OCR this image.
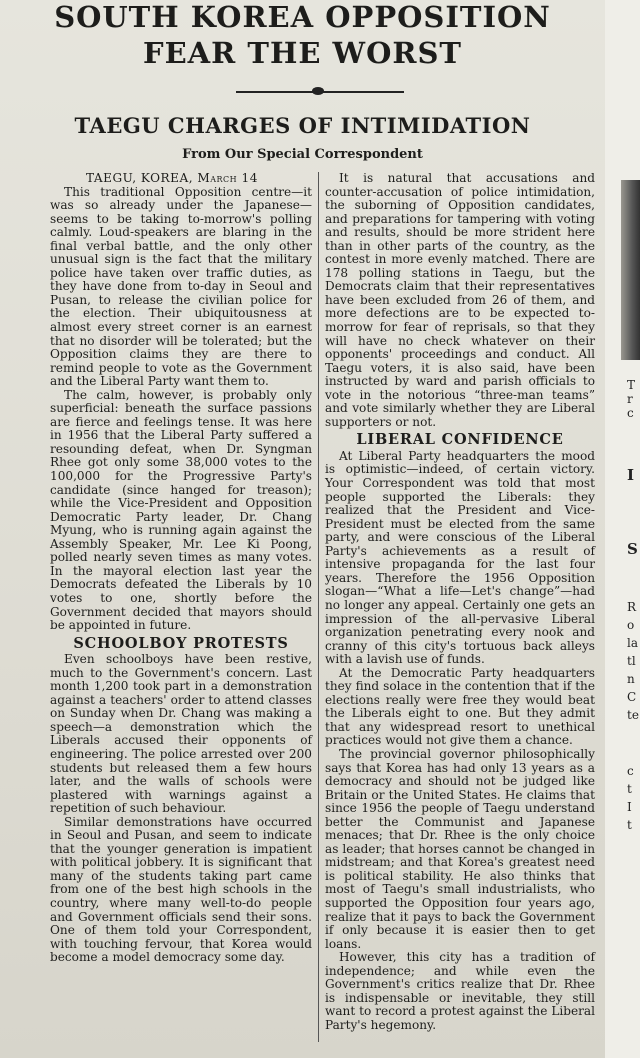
SOUTH KOREA OPPOSITION
FEAR THE WORST
TAEGU CHARGES OF INTIMIDATION
From Our Special Correspondent

TAEGU, KOREA, March 14

This traditional Opposition centre—it was so already under the Japanese—seems to be taking to-morrow's polling calmly. Loud-speakers are blaring in the final verbal battle, and the only other unusual sign is the fact that the military police have taken over traffic duties, as they have done from to-day in Seoul and Pusan, to release the civilian police for the election. Their ubiquitousness at almost every street corner is an earnest that no disorder will be tolerated; but the Opposition claims they are there to remind people to vote as the Government and the Liberal Party want them to.

The calm, however, is probably only superficial: beneath the surface passions are fierce and feelings tense. It was here in 1956 that the Liberal Party suffered a resounding defeat, when Dr. Syngman Rhee got only some 38,000 votes to the 100,000 for the Progressive Party's candidate (since hanged for treason); while the Vice-President and Opposition Democratic Party leader, Dr. Chang Myung, who is running again against the Assembly Speaker, Mr. Lee Ki Poong, polled nearly seven times as many votes. In the mayoral election last year the Democrats defeated the Liberals by 10 votes to one, shortly before the Government decided that mayors should be appointed in future.

SCHOOLBOY PROTESTS

Even schoolboys have been restive, much to the Government's concern. Last month 1,200 took part in a demonstration against a teachers' order to attend classes on Sunday when Dr. Chang was making a speech—a demonstration which the Liberals accused their opponents of engineering. The police arrested over 200 students but released them a few hours later, and the walls of schools were plastered with warnings against a repetition of such behaviour.

Similar demonstrations have occurred in Seoul and Pusan, and seem to indicate that the younger generation is impatient with political jobbery. It is significant that many of the students taking part came from one of the best high schools in the country, where many well-to-do people and Government officials send their sons. One of them told your Correspondent, with touching fervour, that Korea would become a model democracy some day.

It is natural that accusations and counter-accusation of police intimidation, the suborning of Opposition candidates, and preparations for tampering with voting and results, should be more strident here than in other parts of the country, as the contest in more evenly matched. There are 178 polling stations in Taegu, but the Democrats claim that their representatives have been excluded from 26 of them, and more defections are to be expected to-morrow for fear of reprisals, so that they will have no check whatever on their opponents' proceedings and conduct. All Taegu voters, it is also said, have been instructed by ward and parish officials to vote in the notorious “three-man teams” and vote similarly whether they are Liberal supporters or not.

LIBERAL CONFIDENCE

At Liberal Party headquarters the mood is optimistic—indeed, of certain victory. Your Correspondent was told that most people supported the Liberals: they realized that the President and Vice-President must be elected from the same party, and were conscious of the Liberal Party's achievements as a result of intensive propaganda for the last four years. Therefore the 1956 Opposition slogan—“What a life—Let's change”—had no longer any appeal. Certainly one gets an impression of the all-pervasive Liberal organization penetrating every nook and cranny of this city's tortuous back alleys with a lavish use of funds.

At the Democratic Party headquarters they find solace in the contention that if the elections really were free they would beat the Liberals eight to one. But they admit that any widespread resort to unethical practices would not give them a chance.

The provincial governor philosophically says that Korea has had only 13 years as a democracy and should not be judged like Britain or the United States. He claims that since 1956 the people of Taegu understand better the Communist and Japanese menaces; that Dr. Rhee is the only choice as leader; that horses cannot be changed in midstream; and that Korea's greatest need is political stability. He also thinks that most of Taegu's small industrialists, who supported the Opposition four years ago, realize that it pays to back the Government if only because it is easier then to get loans.

However, this city has a tradition of independence; and while even the Government's critics realize that Dr. Rhee is indispensable or inevitable, they still want to record a protest against the Liberal Party's hegemony.

T
r
c
I
S
R
o
la
tl
n
C
te
c
t
I
t
